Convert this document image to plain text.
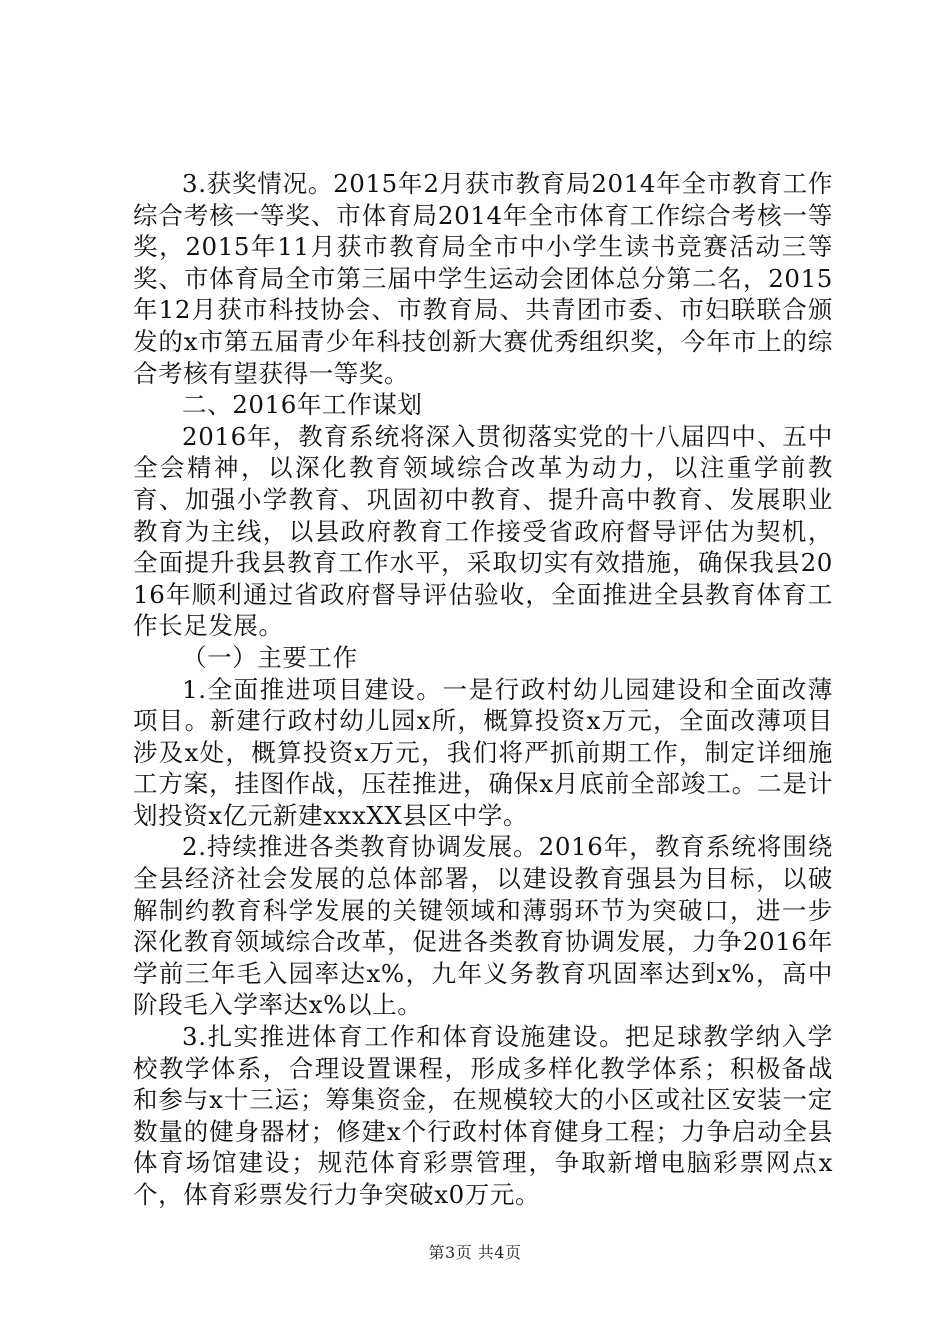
3.获奖情况。2015年2月获市教育局2014年全市教育工作综合考核一等奖、市体育局2014年全市体育工作综合考核一等奖，2015年11月获市教育局全市中小学生读书竞赛活动三等奖、市体育局全市第三届中学生运动会团体总分第二名，2015年12月获市科技协会、市教育局、共青团市委、市妇联联合颁发的x市第五届青少年科技创新大赛优秀组织奖，今年市上的综合考核有望获得一等奖。

二、2016年工作谋划

2016年，教育系统将深入贯彻落实党的十八届四中、五中全会精神，以深化教育领域综合改革为动力，以注重学前教育、加强小学教育、巩固初中教育、提升高中教育、发展职业教育为主线，以县政府教育工作接受省政府督导评估为契机，全面提升我县教育工作水平，采取切实有效措施，确保我县2016年顺利通过省政府督导评估验收，全面推进全县教育体育工作长足发展。

（一）主要工作

1.全面推进项目建设。一是行政村幼儿园建设和全面改薄项目。新建行政村幼儿园x所，概算投资x万元，全面改薄项目涉及x处，概算投资x万元，我们将严抓前期工作，制定详细施工方案，挂图作战，压茬推进，确保x月底前全部竣工。二是计划投资x亿元新建xxxXX县区中学。

2.持续推进各类教育协调发展。2016年，教育系统将围绕全县经济社会发展的总体部署，以建设教育强县为目标，以破解制约教育科学发展的关键领域和薄弱环节为突破口，进一步深化教育领域综合改革，促进各类教育协调发展，力争2016年学前三年毛入园率达x%，九年义务教育巩固率达到x%，高中阶段毛入学率达x%以上。

3.扎实推进体育工作和体育设施建设。把足球教学纳入学校教学体系，合理设置课程，形成多样化教学体系；积极备战和参与x十三运；筹集资金，在规模较大的小区或社区安装一定数量的健身器材；修建x个行政村体育健身工程；力争启动全县体育场馆建设；规范体育彩票管理，争取新增电脑彩票网点x个，体育彩票发行力争突破x0万元。

第3页 共4页
